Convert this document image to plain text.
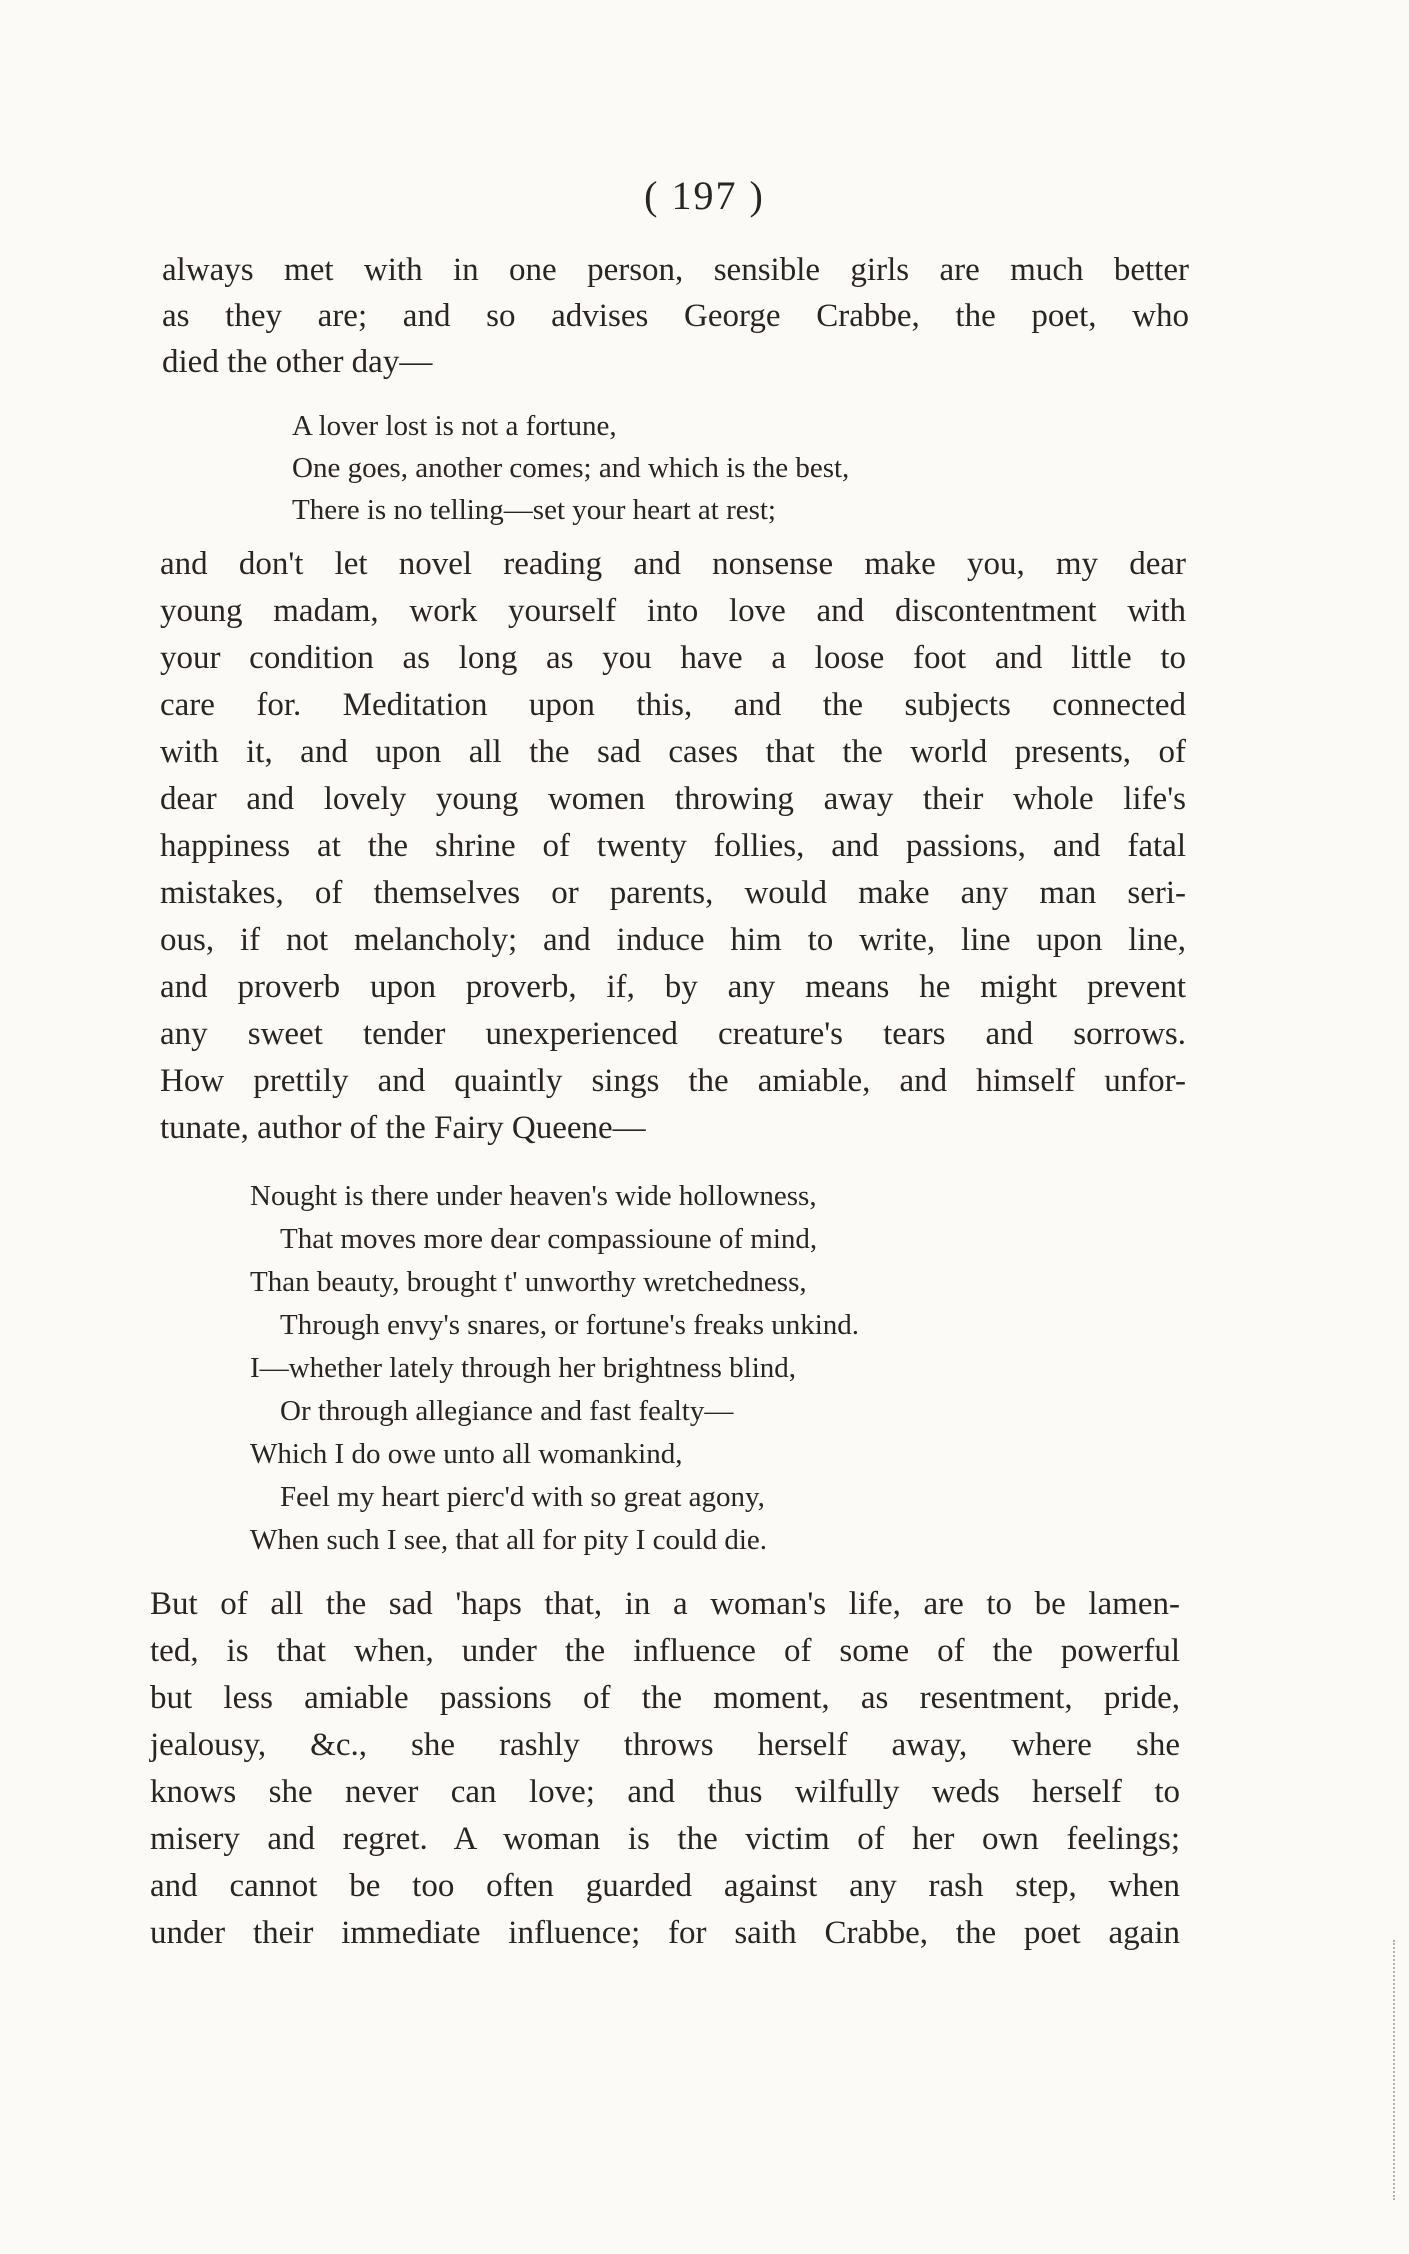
( 197 )
always met with in one person, sensible girls are much better
as they are; and so advises George Crabbe, the poet, who
died the other day—
A lover lost is not a fortune,
One goes, another comes; and which is the best,
There is no telling—set your heart at rest;
and don't let novel reading and nonsense make you, my dear
young madam, work yourself into love and discontentment with
your condition as long as you have a loose foot and little to
care for. Meditation upon this, and the subjects connected
with it, and upon all the sad cases that the world presents, of
dear and lovely young women throwing away their whole life's
happiness at the shrine of twenty follies, and passions, and fatal
mistakes, of themselves or parents, would make any man seri-
ous, if not melancholy; and induce him to write, line upon line,
and proverb upon proverb, if, by any means he might prevent
any sweet tender unexperienced creature's tears and sorrows.
How prettily and quaintly sings the amiable, and himself unfor-
tunate, author of the Fairy Queene—
Nought is there under heaven's wide hollowness,
That moves more dear compassioune of mind,
Than beauty, brought t' unworthy wretchedness,
Through envy's snares, or fortune's freaks unkind.
I—whether lately through her brightness blind,
Or through allegiance and fast fealty—
Which I do owe unto all womankind,
Feel my heart pierc'd with so great agony,
When such I see, that all for pity I could die.
But of all the sad 'haps that, in a woman's life, are to be lamen-
ted, is that when, under the influence of some of the powerful
but less amiable passions of the moment, as resentment, pride,
jealousy, &c., she rashly throws herself away, where she
knows she never can love; and thus wilfully weds herself to
misery and regret. A woman is the victim of her own feelings;
and cannot be too often guarded against any rash step, when
under their immediate influence; for saith Crabbe, the poet again
